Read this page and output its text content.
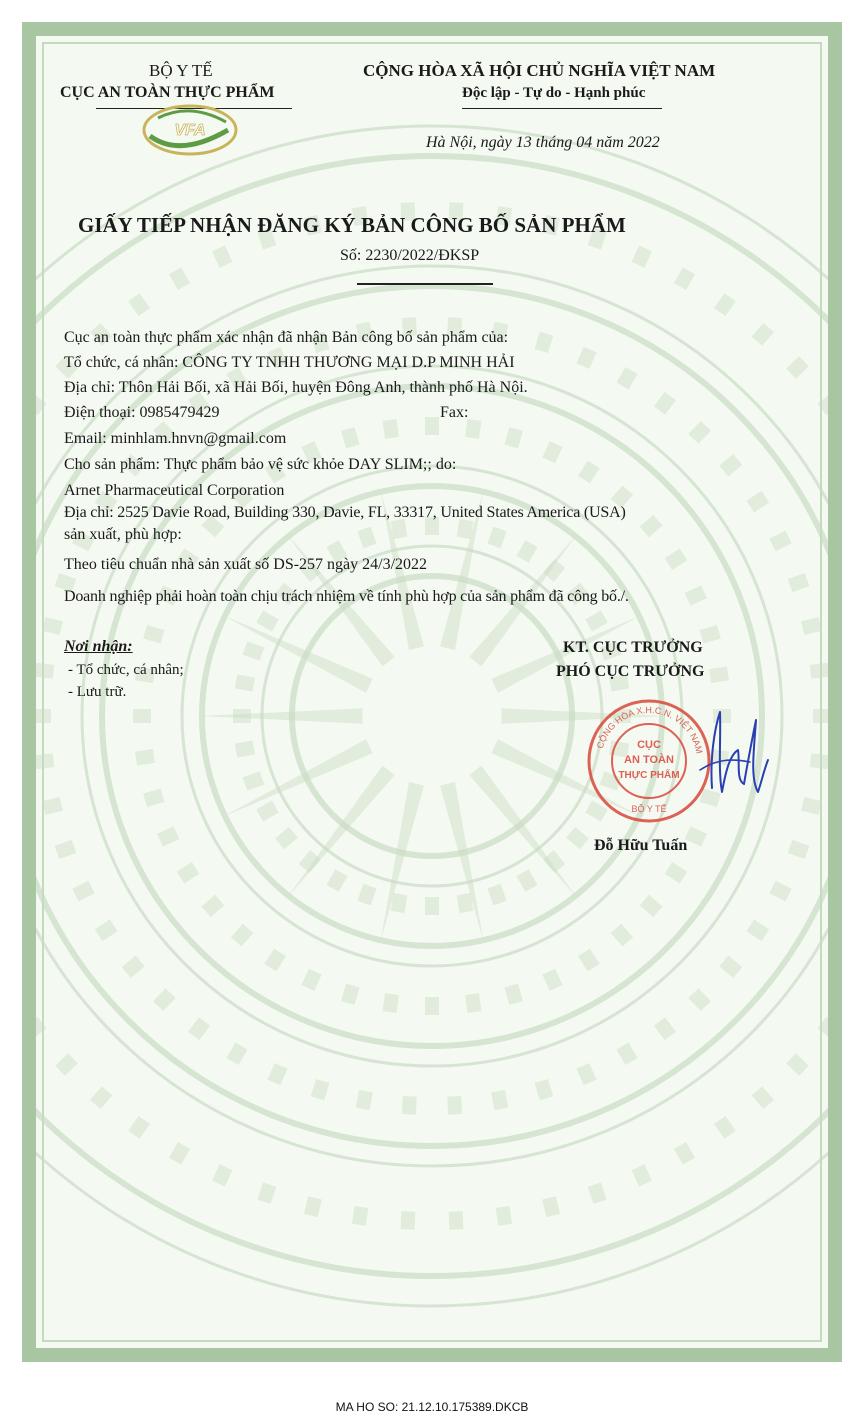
BỘ Y TẾ
CỤC AN TOÀN THỰC PHẨM
VFA
CỘNG HÒA XÃ HỘI CHỦ NGHĨA VIỆT NAM
Độc lập - Tự do - Hạnh phúc
Hà Nội, ngày 13 tháng 04 năm 2022
GIẤY TIẾP NHẬN ĐĂNG KÝ BẢN CÔNG BỐ SẢN PHẨM
Số: 2230/2022/ĐKSP
Cục an toàn thực phẩm xác nhận đã nhận Bản công bố sản phẩm của:
Tổ chức, cá nhân: CÔNG TY TNHH THƯƠNG MẠI D.P MINH HẢI
Địa chỉ: Thôn Hải Bối, xã Hải Bối, huyện Đông Anh, thành phố Hà Nội.
Điện thoại: 0985479429	Fax:
Email: minhlam.hnvn@gmail.com
Cho sản phẩm: Thực phẩm bảo vệ sức khỏe DAY SLIM;; do:
Arnet Pharmaceutical Corporation
Địa chỉ: 2525 Davie Road, Building 330, Davie, FL, 33317, United States America (USA)
sản xuất, phù hợp:
Theo tiêu chuẩn nhà sản xuất số DS-257 ngày 24/3/2022
Doanh nghiệp phải hoàn toàn chịu trách nhiệm về tính phù hợp của sản phẩm đã công bố./.
Nơi nhận:
- Tổ chức, cá nhân;
- Lưu trữ.
KT. CỤC TRƯỞNG
PHÓ CỤC TRƯỞNG
CỘNG HÒA X.H.C.N. VIỆT NAM
CỤC
AN TOÀN
THỰC PHẨM
BỘ Y TẾ
Đỗ Hữu Tuấn
MA HO SO: 21.12.10.175389.DKCB
